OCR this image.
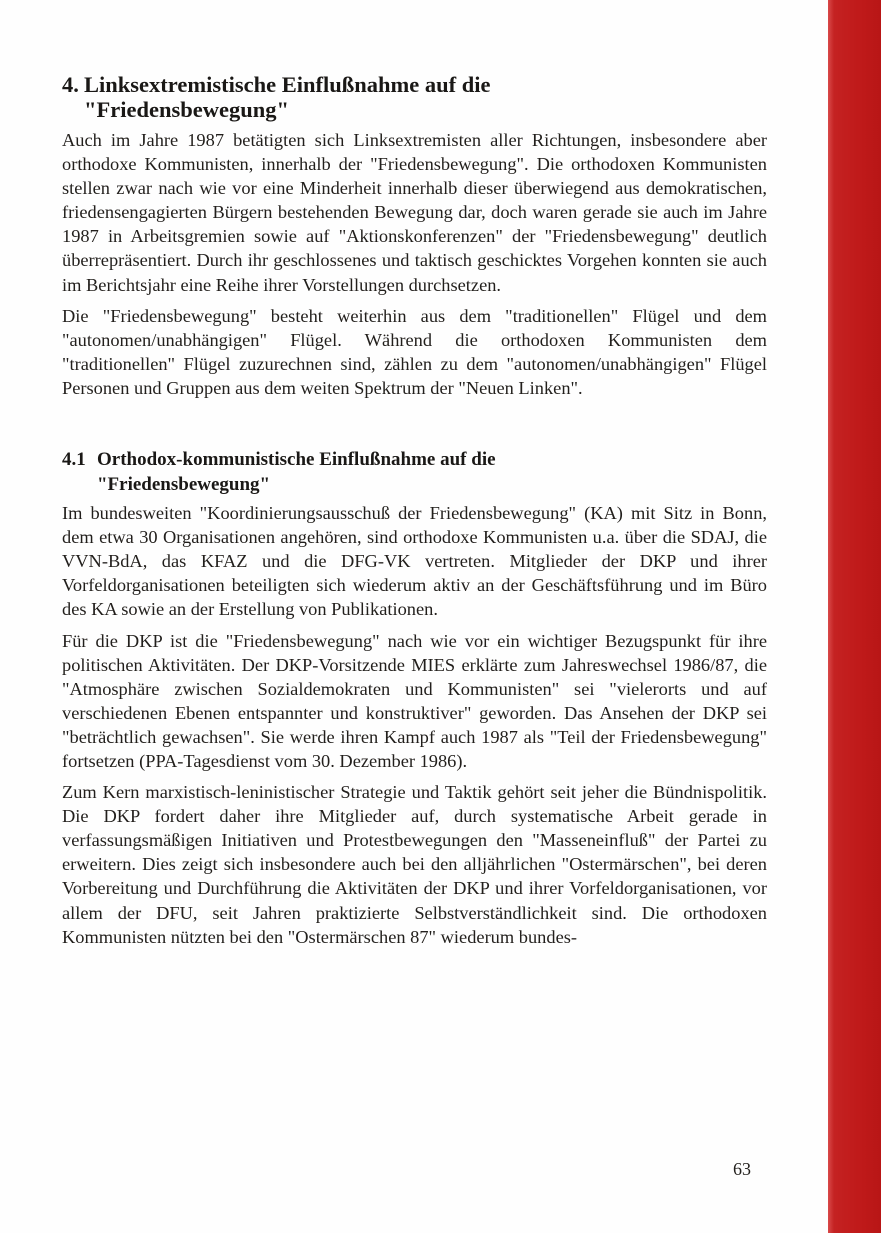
4. Linksextremistische Einflußnahme auf die
"Friedensbewegung"

Auch im Jahre 1987 betätigten sich Linksextremisten aller Richtungen, insbesondere aber orthodoxe Kommunisten, innerhalb der "Friedensbewegung". Die orthodoxen Kommunisten stellen zwar nach wie vor eine Minderheit innerhalb dieser überwiegend aus demokratischen, friedensengagierten Bürgern bestehenden Bewegung dar, doch waren gerade sie auch im Jahre 1987 in Arbeitsgremien sowie auf "Aktionskonferenzen" der "Friedensbewegung" deutlich überrepräsentiert. Durch ihr geschlossenes und taktisch geschicktes Vorgehen konnten sie auch im Berichtsjahr eine Reihe ihrer Vorstellungen durchsetzen.

Die "Friedensbewegung" besteht weiterhin aus dem "traditionellen" Flügel und dem "autonomen/unabhängigen" Flügel. Während die orthodoxen Kommunisten dem "traditionellen" Flügel zuzurechnen sind, zählen zu dem "autonomen/unabhängigen" Flügel Personen und Gruppen aus dem weiten Spektrum der "Neuen Linken".

4.1 Orthodox-kommunistische Einflußnahme auf die
"Friedensbewegung"

Im bundesweiten "Koordinierungsausschuß der Friedensbewegung" (KA) mit Sitz in Bonn, dem etwa 30 Organisationen angehören, sind orthodoxe Kommunisten u.a. über die SDAJ, die VVN-BdA, das KFAZ und die DFG-VK vertreten. Mitglieder der DKP und ihrer Vorfeldorganisationen beteiligten sich wiederum aktiv an der Geschäftsführung und im Büro des KA sowie an der Erstellung von Publikationen.

Für die DKP ist die "Friedensbewegung" nach wie vor ein wichtiger Bezugspunkt für ihre politischen Aktivitäten. Der DKP-Vorsitzende MIES erklärte zum Jahreswechsel 1986/87, die "Atmosphäre zwischen Sozialdemokraten und Kommunisten" sei "vielerorts und auf verschiedenen Ebenen entspannter und konstruktiver" geworden. Das Ansehen der DKP sei "beträchtlich gewachsen". Sie werde ihren Kampf auch 1987 als "Teil der Friedensbewegung" fortsetzen (PPA-Tagesdienst vom 30. Dezember 1986).

Zum Kern marxistisch-leninistischer Strategie und Taktik gehört seit jeher die Bündnispolitik. Die DKP fordert daher ihre Mitglieder auf, durch systematische Arbeit gerade in verfassungsmäßigen Initiativen und Protestbewegungen den "Masseneinfluß" der Partei zu erweitern. Dies zeigt sich insbesondere auch bei den alljährlichen "Ostermärschen", bei deren Vorbereitung und Durchführung die Aktivitäten der DKP und ihrer Vorfeldorganisationen, vor allem der DFU, seit Jahren praktizierte Selbstverständlichkeit sind. Die orthodoxen Kommunisten nützten bei den "Ostermärschen 87" wiederum bundes-

63
